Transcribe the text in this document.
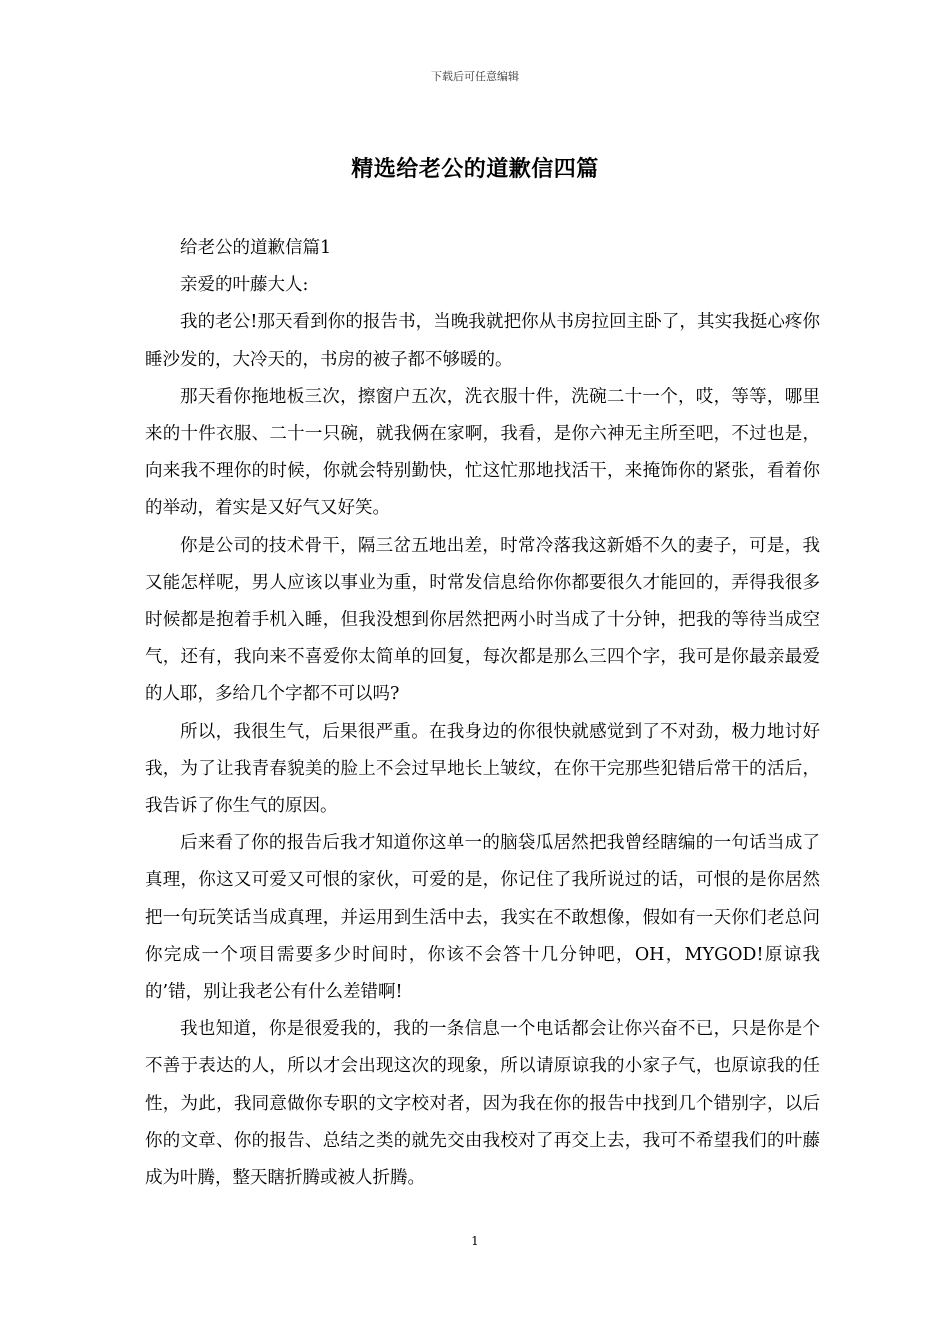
下载后可任意编辑
精选给老公的道歉信四篇

给老公的道歉信篇1

亲爱的叶藤大人:

我的老公!那天看到你的报告书，当晚我就把你从书房拉回主卧了，其实我挺心疼你睡沙发的，大冷天的，书房的被子都不够暖的。

那天看你拖地板三次，擦窗户五次，洗衣服十件，洗碗二十一个，哎，等等，哪里来的十件衣服、二十一只碗，就我俩在家啊，我看，是你六神无主所至吧，不过也是，向来我不理你的时候，你就会特别勤快，忙这忙那地找活干，来掩饰你的紧张，看着你的举动，着实是又好气又好笑。

你是公司的技术骨干，隔三岔五地出差，时常冷落我这新婚不久的妻子，可是，我又能怎样呢，男人应该以事业为重，时常发信息给你你都要很久才能回的，弄得我很多时候都是抱着手机入睡，但我没想到你居然把两小时当成了十分钟，把我的等待当成空气，还有，我向来不喜爱你太简单的回复，每次都是那么三四个字，我可是你最亲最爱的人耶，多给几个字都不可以吗?

所以，我很生气，后果很严重。在我身边的你很快就感觉到了不对劲，极力地讨好我，为了让我青春貌美的脸上不会过早地长上皱纹，在你干完那些犯错后常干的活后，我告诉了你生气的原因。

后来看了你的报告后我才知道你这单一的脑袋瓜居然把我曾经瞎编的一句话当成了真理，你这又可爱又可恨的家伙，可爱的是，你记住了我所说过的话，可恨的是你居然把一句玩笑话当成真理，并运用到生活中去，我实在不敢想像，假如有一天你们老总问你完成一个项目需要多少时间时，你该不会答十几分钟吧，OH，MYGOD!原谅我的’错，别让我老公有什么差错啊!

我也知道，你是很爱我的，我的一条信息一个电话都会让你兴奋不已，只是你是个不善于表达的人，所以才会出现这次的现象，所以请原谅我的小家子气，也原谅我的任性，为此，我同意做你专职的文字校对者，因为我在你的报告中找到几个错别字，以后你的文章、你的报告、总结之类的就先交由我校对了再交上去，我可不希望我们的叶藤成为叶腾，整天瞎折腾或被人折腾。

1
